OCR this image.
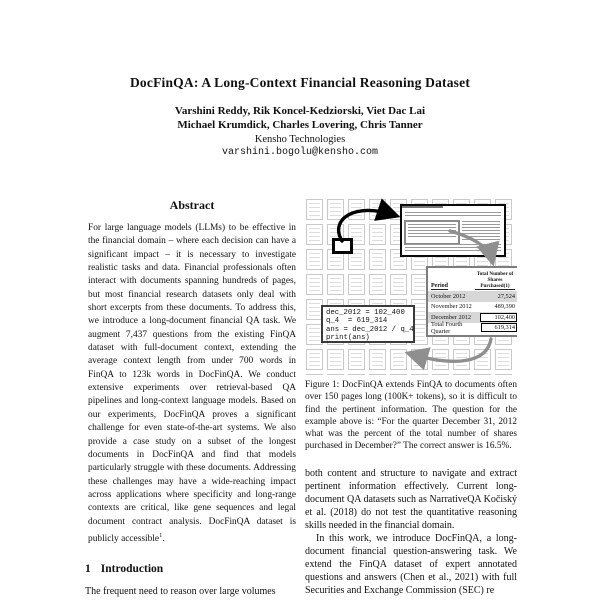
DocFinQA: A Long-Context Financial Reasoning Dataset
Varshini Reddy, Rik Koncel-Kedziorski, Viet Dac Lai
Michael Krumdick, Charles Lovering, Chris Tanner
Kensho Technologies
varshini.bogolu@kensho.com
Abstract

For large language models (LLMs) to be effective in the financial domain – where each decision can have a significant impact – it is necessary to investigate realistic tasks and data. Financial professionals often interact with documents spanning hundreds of pages, but most financial research datasets only deal with short excerpts from these documents. To address this, we introduce a long-document financial QA task. We augment 7,437 questions from the existing FinQA dataset with full-document context, extending the average context length from under 700 words in FinQA to 123k words in DocFinQA. We conduct extensive experiments over retrieval-based QA pipelines and long-context language models. Based on our experiments, DocFinQA proves a significant challenge for even state-of-the-art systems. We also provide a case study on a subset of the longest documents in DocFinQA and find that models particularly struggle with these documents. Addressing these challenges may have a wide-reaching impact across applications where specificity and long-range contexts are critical, like gene sequences and legal document contract analysis. DocFinQA dataset is publicly accessible$^1$.

1 Introduction

The frequent need to reason over large volumes

Period
Total Number of Shares Purchased(1)
October 2012	27,524
November 2012	489,390
December 2012	102,400
Total Fourth Quarter	619,314
dec_2012 = 102_400
q_4  = 619_314
ans = dec_2012 / q_4
print(ans)

Figure 1: DocFinQA extends FinQA to documents often over 150 pages long (100K+ tokens), so it is difficult to find the pertinent information. The question for the example above is: “For the quarter December 31, 2012 what was the percent of the total number of shares purchased in December?” The correct answer is 16.5%.

both content and structure to navigate and extract pertinent information effectively. Current long-document QA datasets such as NarrativeQA Kočiský et al. (2018) do not test the quantitative reasoning skills needed in the financial domain.

In this work, we introduce DocFinQA, a long-document financial question-answering task. We extend the FinQA dataset of expert annotated questions and answers (Chen et al., 2021) with full Securities and Exchange Commission (SEC) re
